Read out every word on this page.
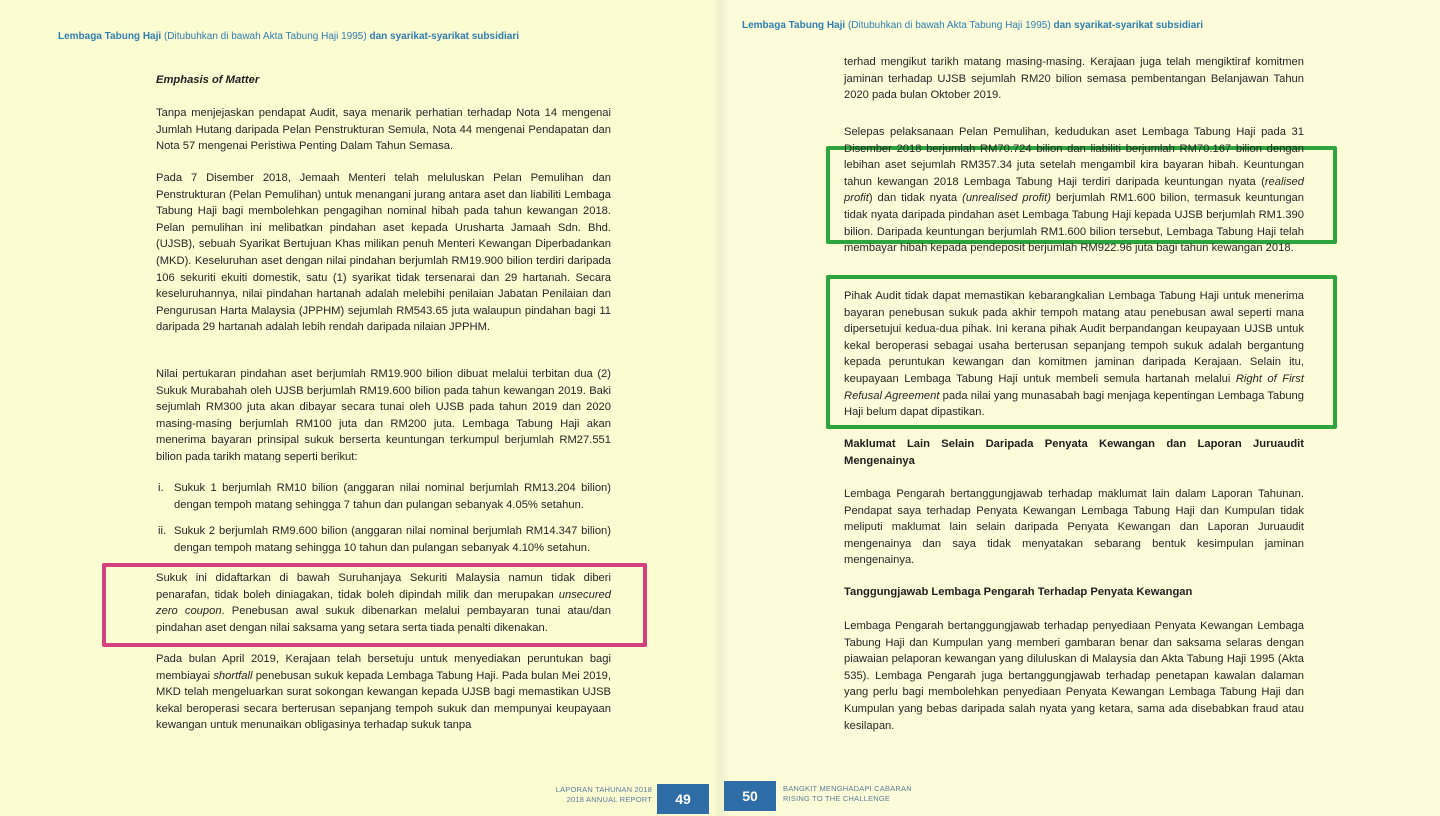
Lembaga Tabung Haji (Ditubuhkan di bawah Akta Tabung Haji 1995) dan syarikat-syarikat subsidiari
Lembaga Tabung Haji (Ditubuhkan di bawah Akta Tabung Haji 1995) dan syarikat-syarikat subsidiari
Emphasis of Matter
Tanpa menjejaskan pendapat Audit, saya menarik perhatian terhadap Nota 14 mengenai Jumlah Hutang daripada Pelan Penstrukturan Semula, Nota 44 mengenai Pendapatan dan Nota 57 mengenai Peristiwa Penting Dalam Tahun Semasa.
Pada 7 Disember 2018, Jemaah Menteri telah meluluskan Pelan Pemulihan dan Penstrukturan (Pelan Pemulihan) untuk menangani jurang antara aset dan liabiliti Lembaga Tabung Haji bagi membolehkan pengagihan nominal hibah pada tahun kewangan 2018. Pelan pemulihan ini melibatkan pindahan aset kepada Urusharta Jamaah Sdn. Bhd. (UJSB), sebuah Syarikat Bertujuan Khas milikan penuh Menteri Kewangan Diperbadankan (MKD). Keseluruhan aset dengan nilai pindahan berjumlah RM19.900 bilion terdiri daripada 106 sekuriti ekuiti domestik, satu (1) syarikat tidak tersenarai dan 29 hartanah. Secara keseluruhannya, nilai pindahan hartanah adalah melebihi penilaian Jabatan Penilaian dan Pengurusan Harta Malaysia (JPPHM) sejumlah RM543.65 juta walaupun pindahan bagi 11 daripada 29 hartanah adalah lebih rendah daripada nilaian JPPHM.
Nilai pertukaran pindahan aset berjumlah RM19.900 bilion dibuat melalui terbitan dua (2) Sukuk Murabahah oleh UJSB berjumlah RM19.600 bilion pada tahun kewangan 2019. Baki sejumlah RM300 juta akan dibayar secara tunai oleh UJSB pada tahun 2019 dan 2020 masing-masing berjumlah RM100 juta dan RM200 juta. Lembaga Tabung Haji akan menerima bayaran prinsipal sukuk berserta keuntungan terkumpul berjumlah RM27.551 bilion pada tarikh matang seperti berikut:
i. Sukuk 1 berjumlah RM10 bilion (anggaran nilai nominal berjumlah RM13.204 bilion) dengan tempoh matang sehingga 7 tahun dan pulangan sebanyak 4.05% setahun.
ii. Sukuk 2 berjumlah RM9.600 bilion (anggaran nilai nominal berjumlah RM14.347 bilion) dengan tempoh matang sehingga 10 tahun dan pulangan sebanyak 4.10% setahun.
Sukuk ini didaftarkan di bawah Suruhanjaya Sekuriti Malaysia namun tidak diberi penarafan, tidak boleh diniagakan, tidak boleh dipindah milik dan merupakan unsecured zero coupon. Penebusan awal sukuk dibenarkan melalui pembayaran tunai atau/dan pindahan aset dengan nilai saksama yang setara serta tiada penalti dikenakan.
Pada bulan April 2019, Kerajaan telah bersetuju untuk menyediakan peruntukan bagi membiayai shortfall penebusan sukuk kepada Lembaga Tabung Haji. Pada bulan Mei 2019, MKD telah mengeluarkan surat sokongan kewangan kepada UJSB bagi memastikan UJSB kekal beroperasi secara berterusan sepanjang tempoh sukuk dan mempunyai keupayaan kewangan untuk menunaikan obligasinya terhadap sukuk tanpa
terhad mengikut tarikh matang masing-masing. Kerajaan juga telah mengiktiraf komitmen jaminan terhadap UJSB sejumlah RM20 bilion semasa pembentangan Belanjawan Tahun 2020 pada bulan Oktober 2019.
Selepas pelaksanaan Pelan Pemulihan, kedudukan aset Lembaga Tabung Haji pada 31 Disember 2018 berjumlah RM70.724 bilion dan liabiliti berjumlah RM70.167 bilion dengan lebihan aset sejumlah RM357.34 juta setelah mengambil kira bayaran hibah. Keuntungan tahun kewangan 2018 Lembaga Tabung Haji terdiri daripada keuntungan nyata (realised profit) dan tidak nyata (unrealised profit) berjumlah RM1.600 bilion, termasuk keuntungan tidak nyata daripada pindahan aset Lembaga Tabung Haji kepada UJSB berjumlah RM1.390 bilion. Daripada keuntungan berjumlah RM1.600 bilion tersebut, Lembaga Tabung Haji telah membayar hibah kepada pendeposit berjumlah RM922.96 juta bagi tahun kewangan 2018.
Pihak Audit tidak dapat memastikan kebarangkalian Lembaga Tabung Haji untuk menerima bayaran penebusan sukuk pada akhir tempoh matang atau penebusan awal seperti mana dipersetujui kedua-dua pihak. Ini kerana pihak Audit berpandangan keupayaan UJSB untuk kekal beroperasi sebagai usaha berterusan sepanjang tempoh sukuk adalah bergantung kepada peruntukan kewangan dan komitmen jaminan daripada Kerajaan. Selain itu, keupayaan Lembaga Tabung Haji untuk membeli semula hartanah melalui Right of First Refusal Agreement pada nilai yang munasabah bagi menjaga kepentingan Lembaga Tabung Haji belum dapat dipastikan.
Maklumat Lain Selain Daripada Penyata Kewangan dan Laporan Juruaudit Mengenainya
Lembaga Pengarah bertanggungjawab terhadap maklumat lain dalam Laporan Tahunan. Pendapat saya terhadap Penyata Kewangan Lembaga Tabung Haji dan Kumpulan tidak meliputi maklumat lain selain daripada Penyata Kewangan dan Laporan Juruaudit mengenainya dan saya tidak menyatakan sebarang bentuk kesimpulan jaminan mengenainya.
Tanggungjawab Lembaga Pengarah Terhadap Penyata Kewangan
Lembaga Pengarah bertanggungjawab terhadap penyediaan Penyata Kewangan Lembaga Tabung Haji dan Kumpulan yang memberi gambaran benar dan saksama selaras dengan piawaian pelaporan kewangan yang diluluskan di Malaysia dan Akta Tabung Haji 1995 (Akta 535). Lembaga Pengarah juga bertanggungjawab terhadap penetapan kawalan dalaman yang perlu bagi membolehkan penyediaan Penyata Kewangan Lembaga Tabung Haji dan Kumpulan yang bebas daripada salah nyata yang ketara, sama ada disebabkan fraud atau kesilapan.
LAPORAN TAHUNAN 2018
2018 ANNUAL REPORT	49	50	BANGKIT MENGHADAPI CABARAN
RISING TO THE CHALLENGE
